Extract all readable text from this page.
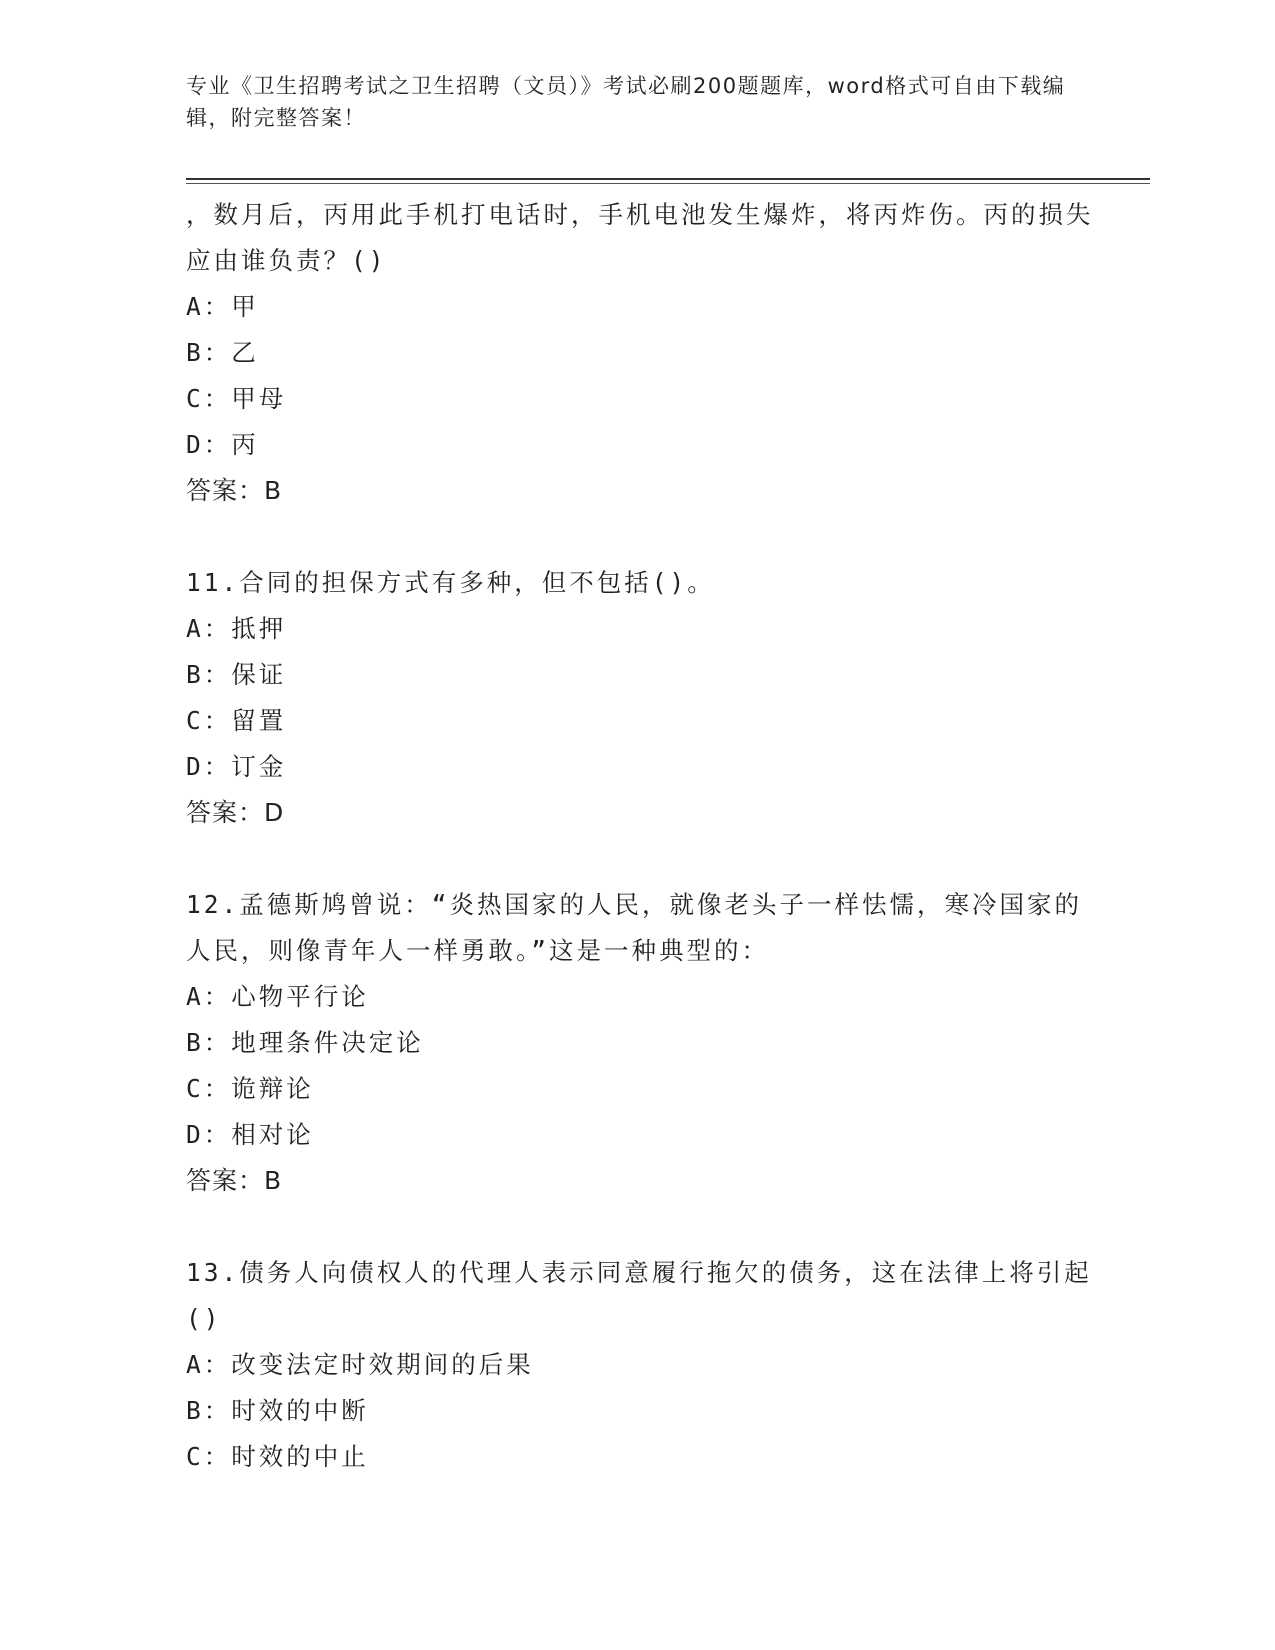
专业《卫生招聘考试之卫生招聘（文员）》考试必刷200题题库，word格式可自由下载编辑，附完整答案！

，数月后，丙用此手机打电话时，手机电池发生爆炸，将丙炸伤。丙的损失应由谁负责？()

A：甲

B：乙

C：甲母

D：丙

答案：B

11.合同的担保方式有多种，但不包括()。

A：抵押

B：保证

C：留置

D：订金

答案：D

12.孟德斯鸠曾说：“炎热国家的人民，就像老头子一样怯懦，寒冷国家的人民，则像青年人一样勇敢。”这是一种典型的：

A：心物平行论

B：地理条件决定论

C：诡辩论

D：相对论

答案：B

13.债务人向债权人的代理人表示同意履行拖欠的债务，这在法律上将引起()

A：改变法定时效期间的后果

B：时效的中断

C：时效的中止
